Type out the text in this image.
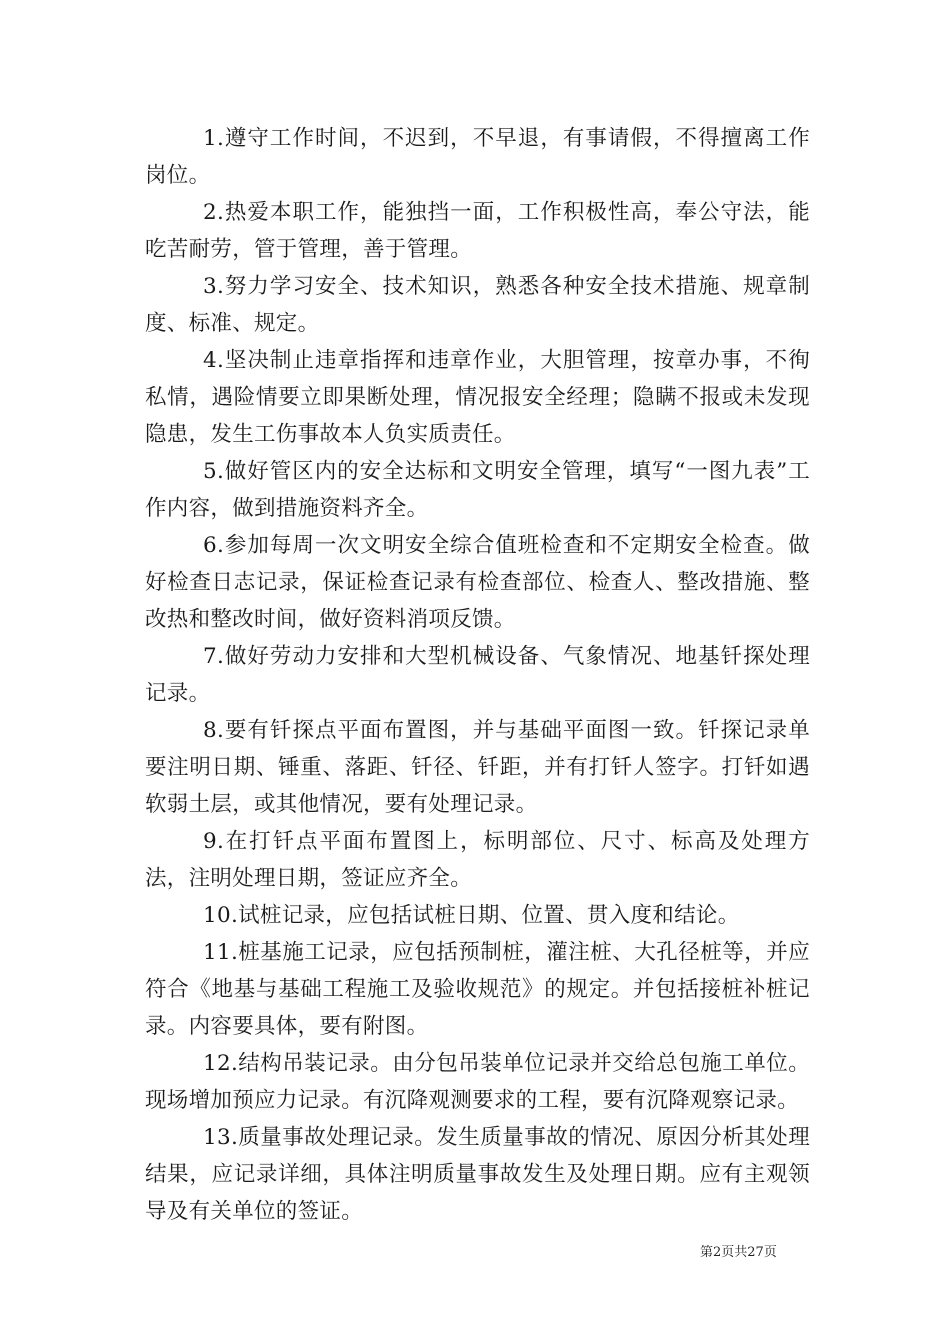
1.遵守工作时间，不迟到，不早退，有事请假，不得擅离工作岗位。

2.热爱本职工作，能独挡一面，工作积极性高，奉公守法，能吃苦耐劳，管于管理，善于管理。

3.努力学习安全、技术知识，熟悉各种安全技术措施、规章制度、标准、规定。

4.坚决制止违章指挥和违章作业，大胆管理，按章办事，不徇私情，遇险情要立即果断处理，情况报安全经理；隐瞒不报或未发现隐患，发生工伤事故本人负实质责任。

5.做好管区内的安全达标和文明安全管理，填写“一图九表”工作内容，做到措施资料齐全。

6.参加每周一次文明安全综合值班检查和不定期安全检查。做好检查日志记录，保证检查记录有检查部位、检查人、整改措施、整改热和整改时间，做好资料消项反馈。

7.做好劳动力安排和大型机械设备、气象情况、地基钎探处理记录。

8.要有钎探点平面布置图，并与基础平面图一致。钎探记录单要注明日期、锤重、落距、钎径、钎距，并有打钎人签字。打钎如遇软弱土层，或其他情况，要有处理记录。

9.在打钎点平面布置图上，标明部位、尺寸、标高及处理方法，注明处理日期，签证应齐全。

10.试桩记录，应包括试桩日期、位置、贯入度和结论。

11.桩基施工记录，应包括预制桩，灌注桩、大孔径桩等，并应符合《地基与基础工程施工及验收规范》的规定。并包括接桩补桩记录。内容要具体，要有附图。

12.结构吊装记录。由分包吊装单位记录并交给总包施工单位。现场增加预应力记录。有沉降观测要求的工程，要有沉降观察记录。

13.质量事故处理记录。发生质量事故的情况、原因分析其处理结果，应记录详细，具体注明质量事故发生及处理日期。应有主观领导及有关单位的签证。

第2页共27页
